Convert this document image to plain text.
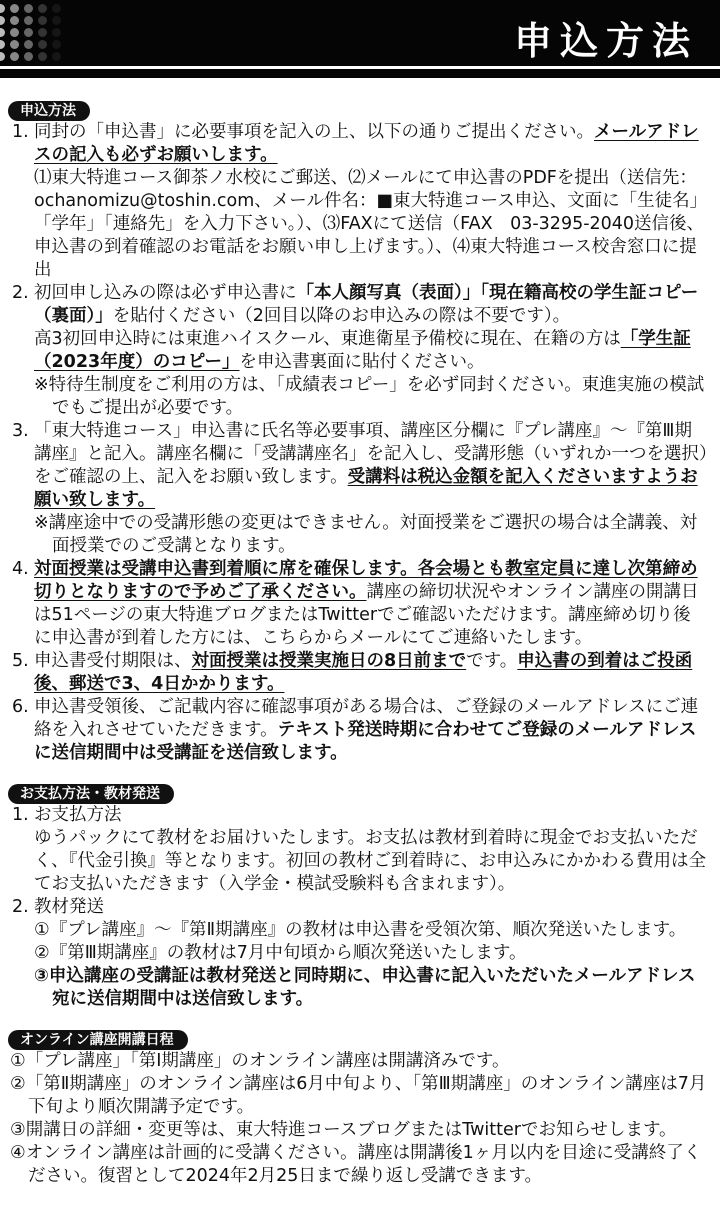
申込方法
申込方法
1. 同封の「申込書」に必要事項を記入の上、以下の通りご提出ください。メールアドレスの記入も必ずお願いします。
⑴東大特進コース御茶ノ水校にご郵送、⑵メールにて申込書のPDFを提出（送信先：ochanomizu@toshin.com、メール件名：■東大特進コース申込、文面に「生徒名」「学年」「連絡先」を入力下さい。）、⑶FAXにて送信（FAX　03-3295-2040送信後、申込書の到着確認のお電話をお願い申し上げます。）、⑷東大特進コース校舎窓口に提出
2. 初回申し込みの際は必ず申込書に「本人顔写真（表面）」「現在籍高校の学生証コピー（裏面）」を貼付ください（2回目以降のお申込みの際は不要です）。
高3初回申込時には東進ハイスクール、東進衛星予備校に現在、在籍の方は「学生証（2023年度）のコピー」を申込書裏面に貼付ください。
※特待生制度をご利用の方は、「成績表コピー」を必ず同封ください。東進実施の模試でもご提出が必要です。
3. 「東大特進コース」申込書に氏名等必要事項、講座区分欄に『プレ講座』～『第Ⅲ期講座』と記入。講座名欄に「受講講座名」を記入し、受講形態（いずれか一つを選択）をご確認の上、記入をお願い致します。受講料は税込金額を記入くださいますようお願い致します。
※講座途中での受講形態の変更はできません。対面授業をご選択の場合は全講義、対面授業でのご受講となります。
4. 対面授業は受講申込書到着順に席を確保します。各会場とも教室定員に達し次第締め切りとなりますので予めご了承ください。講座の締切状況やオンライン講座の開講日は51ページの東大特進ブログまたはTwitterでご確認いただけます。講座締め切り後に申込書が到着した方には、こちらからメールにてご連絡いたします。
5. 申込書受付期限は、対面授業は授業実施日の8日前までです。申込書の到着はご投函後、郵送で3、4日かかります。
6. 申込書受領後、ご記載内容に確認事項がある場合は、ご登録のメールアドレスにご連絡を入れさせていただきます。テキスト発送時期に合わせてご登録のメールアドレスに送信期間中は受講証を送信致します。
お支払方法・教材発送
1. お支払方法
ゆうパックにて教材をお届けいたします。お支払は教材到着時に現金でお支払いただく、『代金引換』等となります。初回の教材ご到着時に、お申込みにかかわる費用は全てお支払いただきます（入学金・模試受験料も含まれます）。
2. 教材発送
①『プレ講座』～『第Ⅱ期講座』の教材は申込書を受領次第、順次発送いたします。
②『第Ⅲ期講座』の教材は7月中旬頃から順次発送いたします。
③申込講座の受講証は教材発送と同時期に、申込書に記入いただいたメールアドレス宛に送信期間中は送信致します。
オンライン講座開講日程
①「プレ講座」「第Ⅰ期講座」のオンライン講座は開講済みです。
②「第Ⅱ期講座」のオンライン講座は6月中旬より、「第Ⅲ期講座」のオンライン講座は7月下旬より順次開講予定です。
③開講日の詳細・変更等は、東大特進コースブログまたはTwitterでお知らせします。
④オンライン講座は計画的に受講ください。講座は開講後1ヶ月以内を目途に受講終了ください。復習として2024年2月25日まで繰り返し受講できます。
